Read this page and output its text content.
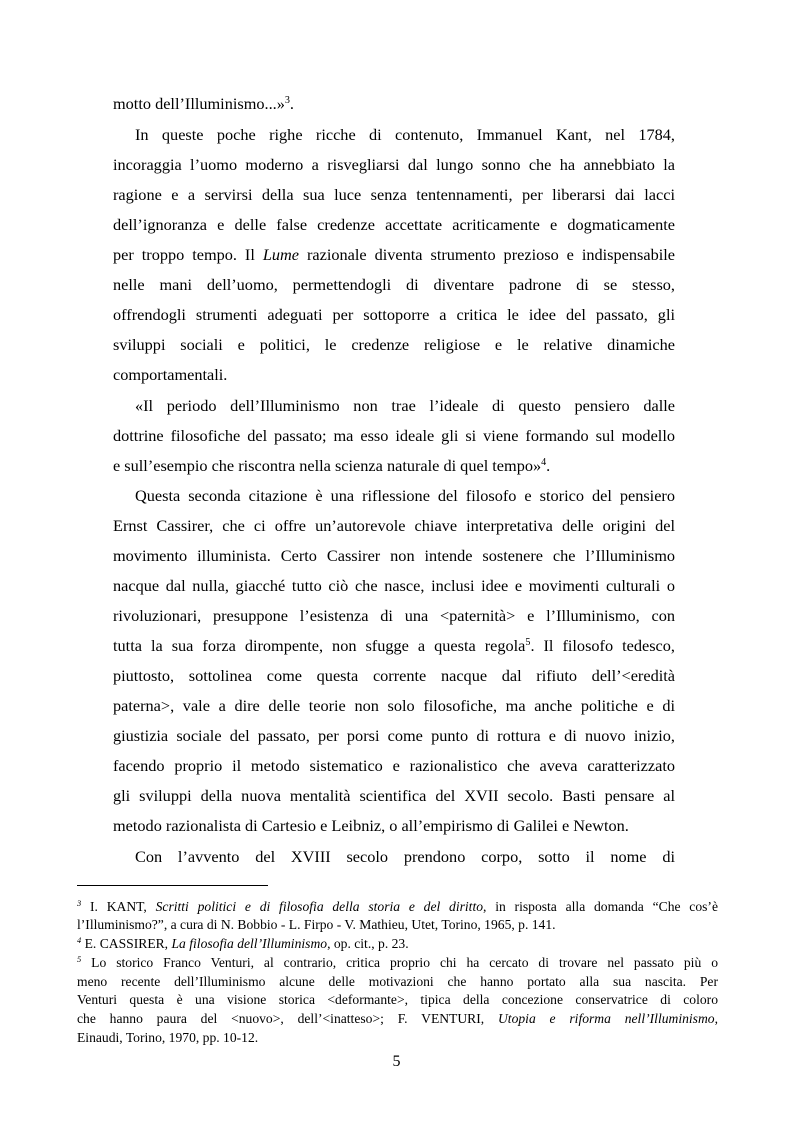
motto dell’Illuminismo...»$^3$.
In queste poche righe ricche di contenuto, Immanuel Kant, nel 1784,
incoraggia l’uomo moderno a risvegliarsi dal lungo sonno che ha annebbiato la
ragione e a servirsi della sua luce senza tentennamenti, per liberarsi dai lacci
dell’ignoranza e delle false credenze accettate acriticamente e dogmaticamente
per troppo tempo. Il Lume razionale diventa strumento prezioso e indispensabile
nelle mani dell’uomo, permettendogli di diventare padrone di se stesso,
offrendogli strumenti adeguati per sottoporre a critica le idee del passato, gli
sviluppi sociali e politici, le credenze religiose e le relative dinamiche
comportamentali.
«Il periodo dell’Illuminismo non trae l’ideale di questo pensiero dalle
dottrine filosofiche del passato; ma esso ideale gli si viene formando sul modello
e sull’esempio che riscontra nella scienza naturale di quel tempo»$^4$.
Questa seconda citazione è una riflessione del filosofo e storico del pensiero
Ernst Cassirer, che ci offre un’autorevole chiave interpretativa delle origini del
movimento illuminista. Certo Cassirer non intende sostenere che l’Illuminismo
nacque dal nulla, giacché tutto ciò che nasce, inclusi idee e movimenti culturali o
rivoluzionari, presuppone l’esistenza di una <paternità> e l’Illuminismo, con
tutta la sua forza dirompente, non sfugge a questa regola$^5$. Il filosofo tedesco,
piuttosto, sottolinea come questa corrente nacque dal rifiuto dell’<eredità
paterna>, vale a dire delle teorie non solo filosofiche, ma anche politiche e di
giustizia sociale del passato, per porsi come punto di rottura e di nuovo inizio,
facendo proprio il metodo sistematico e razionalistico che aveva caratterizzato
gli sviluppi della nuova mentalità scientifica del XVII secolo. Basti pensare al
metodo razionalista di Cartesio e Leibniz, o all’empirismo di Galilei e Newton.
Con l’avvento del XVIII secolo prendono corpo, sotto il nome di
$^3$ I. KANT, Scritti politici e di filosofia della storia e del diritto, in risposta alla domanda “Che cos’è
l’Illuminismo?”, a cura di N. Bobbio - L. Firpo - V. Mathieu, Utet, Torino, 1965, p. 141.
$^4$ E. CASSIRER, La filosofia dell’Illuminismo, op. cit., p. 23.
$^5$ Lo storico Franco Venturi, al contrario, critica proprio chi ha cercato di trovare nel passato più o
meno recente dell’Illuminismo alcune delle motivazioni che hanno portato alla sua nascita. Per
Venturi questa è una visione storica <deformante>, tipica della concezione conservatrice di coloro
che hanno paura del <nuovo>, dell’<inatteso>; F. VENTURI, Utopia e riforma nell’Illuminismo,
Einaudi, Torino, 1970, pp. 10-12.
5
